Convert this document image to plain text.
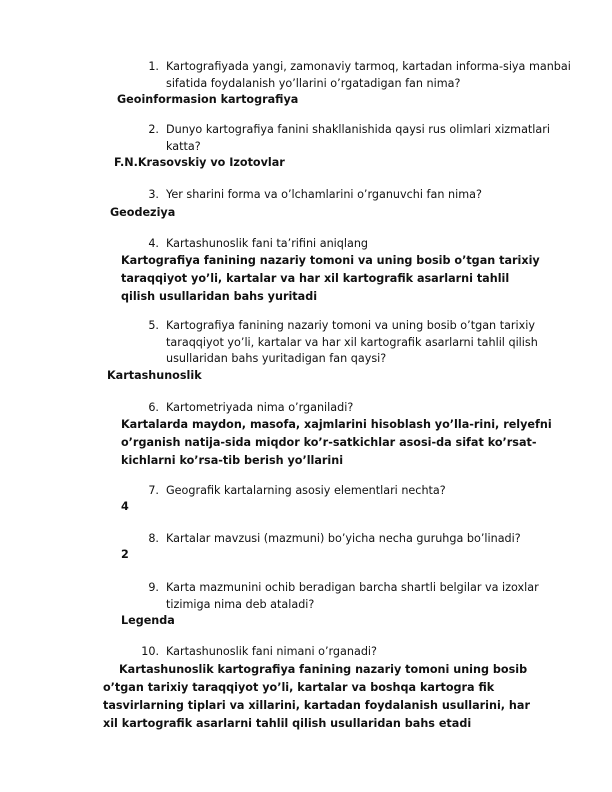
1. Kartografiyada yangi, zamonaviy tarmoq, kartadan informa-siya manbai sifatida foydalanish yo’llarini o’rgatadigan fan nima?
Geoinformasion kartografiya
2. Dunyo kartografiya fanini shakllanishida qaysi rus olimlari xizmatlari katta?
F.N.Krasovskiy vo Izotovlar
3. Yer sharini forma va o’lchamlarini o’rganuvchi fan nima?
Geodeziya
4. Kartashunoslik fani ta’rifini aniqlang
Kartografiya fanining nazariy tomoni va uning bosib o’tgan tarixiy taraqqiyot yo’li, kartalar va har xil kartografik asarlarni tahlil qilish usullaridan bahs yuritadi
5. Kartografiya fanining nazariy tomoni va uning bosib o’tgan tarixiy taraqqiyot yo’li, kartalar va har xil kartografik asarlarni tahlil qilish usullaridan bahs yuritadigan fan qaysi?
Kartashunoslik
6. Kartometriyada nima o’rganiladi?
Kartalarda maydon, masofa, xajmlarini hisoblash yo’lla-rini, relyefni o’rganish natija-sida miqdor ko’r-satkichlar asosi-da sifat ko’rsat-kichlarni ko’rsa-tib berish yo’llarini
7. Geografik kartalarning asosiy elementlari nechta?
4
8. Kartalar mavzusi (mazmuni) bo’yicha necha guruhga bo’linadi?
2
9. Karta mazmunini ochib beradigan barcha shartli belgilar va izoxlar tizimiga nima deb ataladi?
Legenda
10. Kartashunoslik fani nimani o’rganadi?
Kartashunoslik kartografiya fanining nazariy tomoni uning bosib o’tgan tarixiy taraqqiyot yo’li, kartalar va boshqa kartogra fik tasvirlarning tiplari va xillarini, kartadan foydalanish usullarini, har xil kartografik asarlarni tahlil qilish usullaridan bahs etadi
